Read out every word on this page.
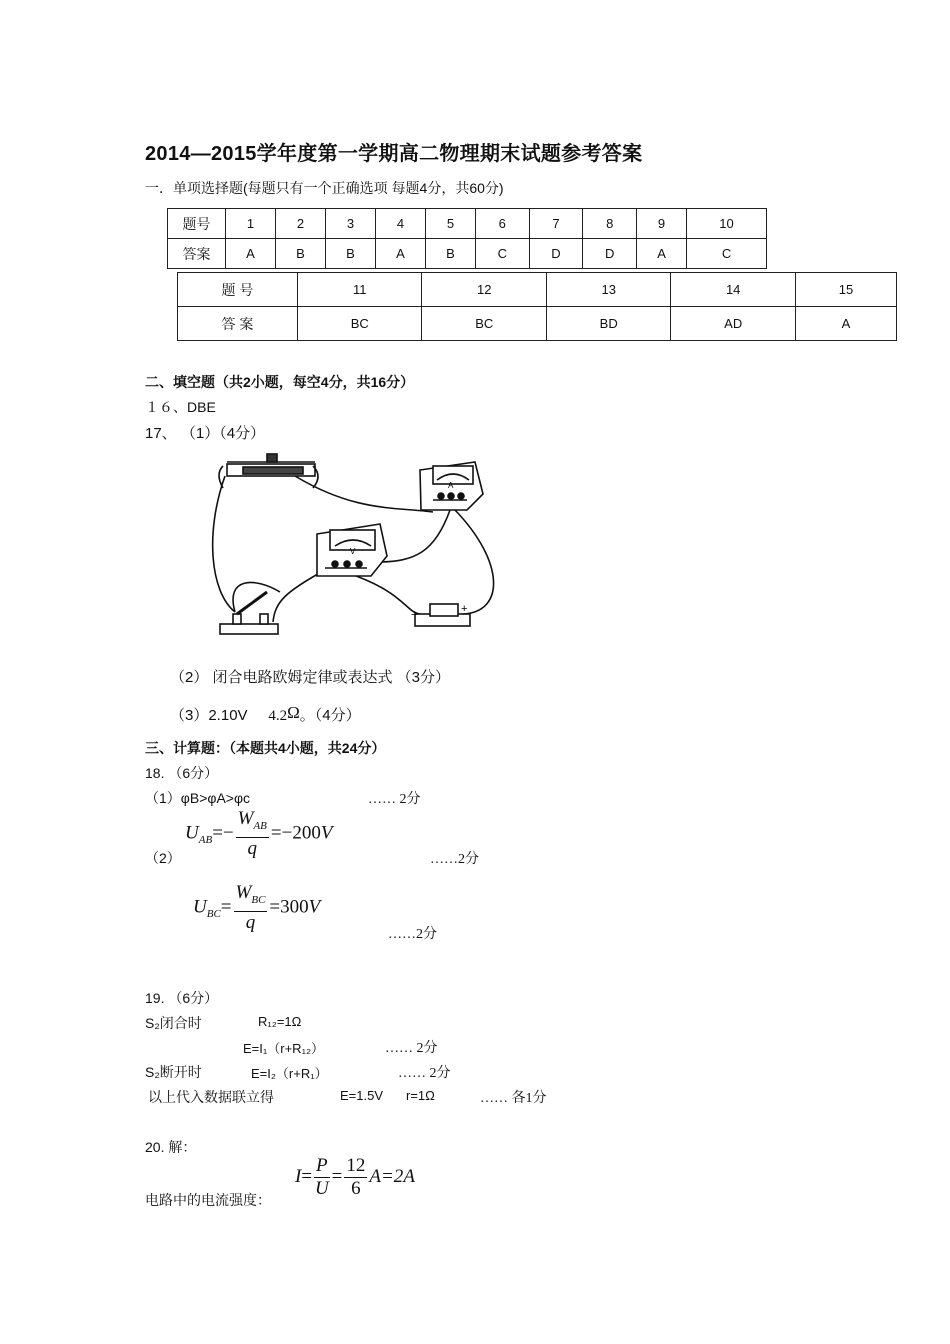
2014—2015学年度第一学期高二物理期末试题参考答案
一．单项选择题(每题只有一个正确选项 每题4分，共60分)
题号	1	2	3	4	5	6	7	8	9	10
答案	A	B	B	A	B	C	D	D	A	C
题 号	11	12	13	14	15
答 案	BC	BC	BD	AD	A
二、填空题（共2小题，每空4分，共16分）
１６、DBE
17、 （1）（4分）
A
V
−	+
（2） 闭合电路欧姆定律或表达式 （3分）
（3）2.10V 4.2Ω。（4分）
三、计算题：（本题共4小题，共24分）
18. （6分）
（1）φB>φA>φc	…… 2分
（2）
$U_{AB}=- \frac{W_{AB}}{q} =-200V$
……2分
$U_{BC}= \frac{W_{BC}}{q} =300V$
……2分
19. （6分）
S₂闭合时	R₁₂=1Ω
E=I₁（r+R₁₂）	…… 2分
S₂断开时	E=I₂（r+R₁）	…… 2分
以上代入数据联立得	E=1.5V r=1Ω	…… 各1分
20. 解：
电路中的电流强度：
$I= \frac{P}{U} = \frac{12}{6} A=2A$
